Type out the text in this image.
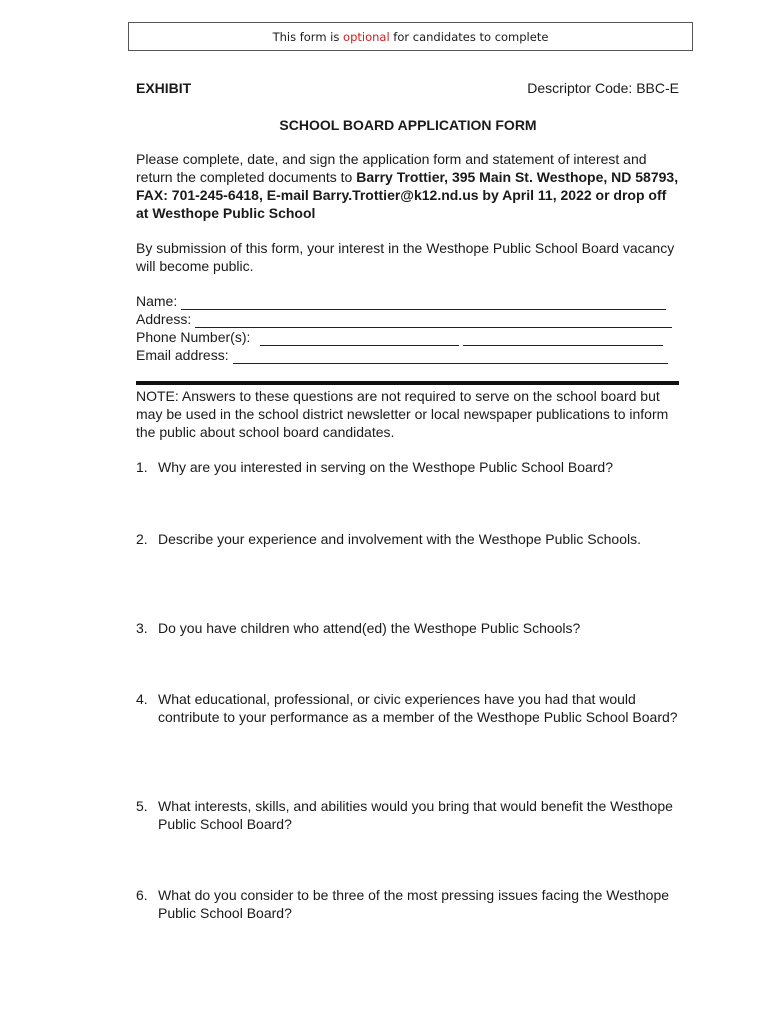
This form is optional for candidates to complete

EXHIBIT	Descriptor Code: BBC-E

SCHOOL BOARD APPLICATION FORM

Please complete, date, and sign the application form and statement of interest and return the completed documents to Barry Trottier, 395 Main St. Westhope, ND 58793, FAX: 701-245-6418, E-mail Barry.Trottier@k12.nd.us by April 11, 2022 or drop off at Westhope Public School

By submission of this form, your interest in the Westhope Public School Board vacancy will become public.

Name:
Address:
Phone Number(s):
Email address:

NOTE: Answers to these questions are not required to serve on the school board but may be used in the school district newsletter or local newspaper publications to inform the public about school board candidates.

1. Why are you interested in serving on the Westhope Public School Board?
2. Describe your experience and involvement with the Westhope Public Schools.
3. Do you have children who attend(ed) the Westhope Public Schools?
4. What educational, professional, or civic experiences have you had that would contribute to your performance as a member of the Westhope Public School Board?
5. What interests, skills, and abilities would you bring that would benefit the Westhope Public School Board?
6. What do you consider to be three of the most pressing issues facing the Westhope Public School Board?
